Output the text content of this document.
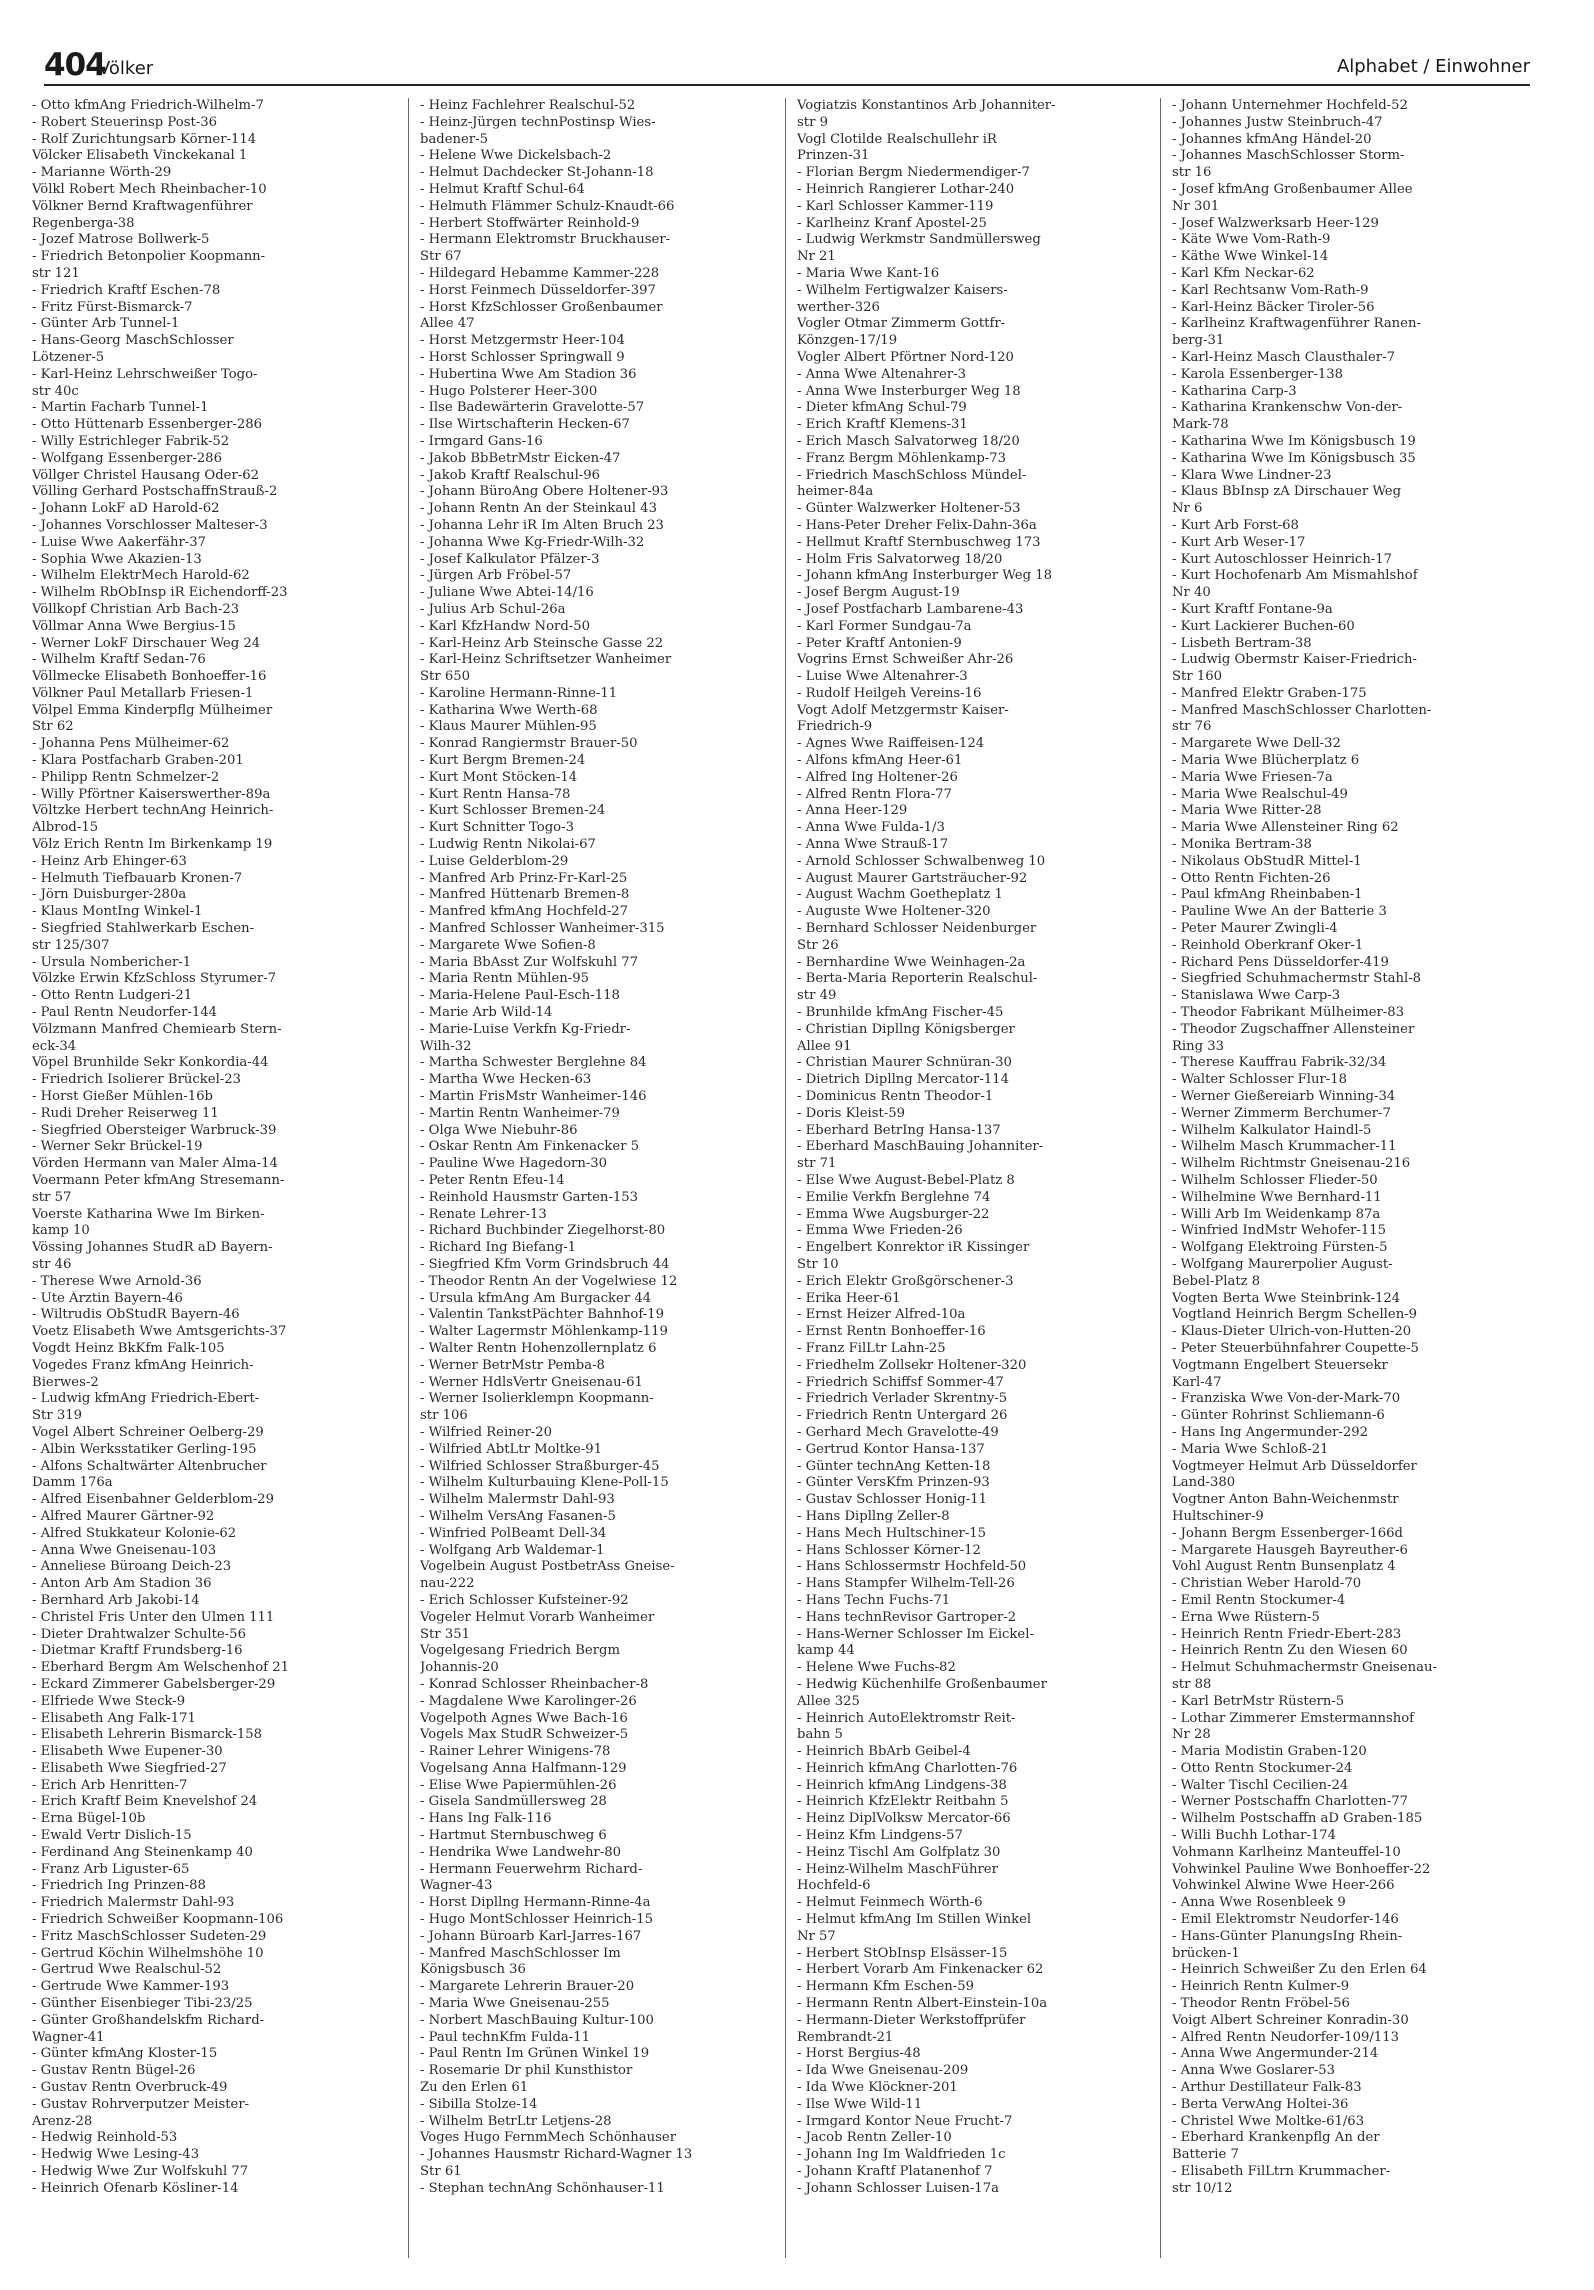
404
Völker	Alphabet / Einwohner
- Otto kfmAng Friedrich-Wilhelm-7
- Robert Steuerinsp Post-36
- Rolf Zurichtungsarb Körner-114
Völcker Elisabeth Vinckekanal 1
- Marianne Wörth-29
Völkl Robert Mech Rheinbacher-10
Völkner Bernd Kraftwagenführer
Regenberga-38
- Jozef Matrose Bollwerk-5
- Friedrich Betonpolier Koopmann-
str 121
- Friedrich Kraftf Eschen-78
- Fritz Fürst-Bismarck-7
- Günter Arb Tunnel-1
- Hans-Georg MaschSchlosser
Lötzener-5
- Karl-Heinz Lehrschweißer Togo-
str 40c
- Martin Facharb Tunnel-1
- Otto Hüttenarb Essenberger-286
- Willy Estrichleger Fabrik-52
- Wolfgang Essenberger-286
Völlger Christel Hausang Oder-62
Völling Gerhard PostschaffnStrauß-2
- Johann LokF aD Harold-62
- Johannes Vorschlosser Malteser-3
- Luise Wwe Aakerfähr-37
- Sophia Wwe Akazien-13
- Wilhelm ElektrMech Harold-62
- Wilhelm RbObInsp iR Eichendorff-23
Völlkopf Christian Arb Bach-23
Völlmar Anna Wwe Bergius-15
- Werner LokF Dirschauer Weg 24
- Wilhelm Kraftf Sedan-76
Völlmecke Elisabeth Bonhoeffer-16
Völkner Paul Metallarb Friesen-1
Völpel Emma Kinderpflg Mülheimer
Str 62
- Johanna Pens Mülheimer-62
- Klara Postfacharb Graben-201
- Philipp Rentn Schmelzer-2
- Willy Pförtner Kaiserswerther-89a
Völtzke Herbert technAng Heinrich-
Albrod-15
Völz Erich Rentn Im Birkenkamp 19
- Heinz Arb Ehinger-63
- Helmuth Tiefbauarb Kronen-7
- Jörn Duisburger-280a
- Klaus MontIng Winkel-1
- Siegfried Stahlwerkarb Eschen-
str 125/307
- Ursula Nombericher-1
Völzke Erwin KfzSchloss Styrumer-7
- Otto Rentn Ludgeri-21
- Paul Rentn Neudorfer-144
Völzmann Manfred Chemiearb Stern-
eck-34
Vöpel Brunhilde Sekr Konkordia-44
- Friedrich Isolierer Brückel-23
- Horst Gießer Mühlen-16b
- Rudi Dreher Reiserweg 11
- Siegfried Obersteiger Warbruck-39
- Werner Sekr Brückel-19
Vörden Hermann van Maler Alma-14
Voermann Peter kfmAng Stresemann-
str 57
Voerste Katharina Wwe Im Birken-
kamp 10
Vössing Johannes StudR aD Bayern-
str 46
- Therese Wwe Arnold-36
- Ute Ärztin Bayern-46
- Wiltrudis ObStudR Bayern-46
Voetz Elisabeth Wwe Amtsgerichts-37
Vogdt Heinz BkKfm Falk-105
Vogedes Franz kfmAng Heinrich-
Bierwes-2
- Ludwig kfmAng Friedrich-Ebert-
Str 319
Vogel Albert Schreiner Oelberg-29
- Albin Werksstatiker Gerling-195
- Alfons Schaltwärter Altenbrucher
Damm 176a
- Alfred Eisenbahner Gelderblom-29
- Alfred Maurer Gärtner-92
- Alfred Stukkateur Kolonie-62
- Anna Wwe Gneisenau-103
- Anneliese Büroang Deich-23
- Anton Arb Am Stadion 36
- Bernhard Arb Jakobi-14
- Christel Fris Unter den Ulmen 111
- Dieter Drahtwalzer Schulte-56
- Dietmar Kraftf Frundsberg-16
- Eberhard Bergm Am Welschenhof 21
- Eckard Zimmerer Gabelsberger-29
- Elfriede Wwe Steck-9
- Elisabeth Ang Falk-171
- Elisabeth Lehrerin Bismarck-158
- Elisabeth Wwe Eupener-30
- Elisabeth Wwe Siegfried-27
- Erich Arb Henritten-7
- Erich Kraftf Beim Knevelshof 24
- Erna Bügel-10b
- Ewald Vertr Dislich-15
- Ferdinand Ang Steinenkamp 40
- Franz Arb Liguster-65
- Friedrich Ing Prinzen-88
- Friedrich Malermstr Dahl-93
- Friedrich Schweißer Koopmann-106
- Fritz MaschSchlosser Sudeten-29
- Gertrud Köchin Wilhelmshöhe 10
- Gertrud Wwe Realschul-52
- Gertrude Wwe Kammer-193
- Günther Eisenbieger Tibi-23/25
- Günter Großhandelskfm Richard-
Wagner-41
- Günter kfmAng Kloster-15
- Gustav Rentn Bügel-26
- Gustav Rentn Overbruck-49
- Gustav Rohrverputzer Meister-
Arenz-28
- Hedwig Reinhold-53
- Hedwig Wwe Lesing-43
- Hedwig Wwe Zur Wolfskuhl 77
- Heinrich Ofenarb Kösliner-14
- Heinz Fachlehrer Realschul-52
- Heinz-Jürgen technPostinsp Wies-
badener-5
- Helene Wwe Dickelsbach-2
- Helmut Dachdecker St-Johann-18
- Helmut Kraftf Schul-64
- Helmuth Flämmer Schulz-Knaudt-66
- Herbert Stoffwärter Reinhold-9
- Hermann Elektromstr Bruckhauser-
Str 67
- Hildegard Hebamme Kammer-228
- Horst Feinmech Düsseldorfer-397
- Horst KfzSchlosser Großenbaumer
Allee 47
- Horst Metzgermstr Heer-104
- Horst Schlosser Springwall 9
- Hubertina Wwe Am Stadion 36
- Hugo Polsterer Heer-300
- Ilse Badewärterin Gravelotte-57
- Ilse Wirtschafterin Hecken-67
- Irmgard Gans-16
- Jakob BbBetrMstr Eicken-47
- Jakob Kraftf Realschul-96
- Johann BüroAng Obere Holtener-93
- Johann Rentn An der Steinkaul 43
- Johanna Lehr iR Im Alten Bruch 23
- Johanna Wwe Kg-Friedr-Wilh-32
- Josef Kalkulator Pfälzer-3
- Jürgen Arb Fröbel-57
- Juliane Wwe Abtei-14/16
- Julius Arb Schul-26a
- Karl KfzHandw Nord-50
- Karl-Heinz Arb Steinsche Gasse 22
- Karl-Heinz Schriftsetzer Wanheimer
Str 650
- Karoline Hermann-Rinne-11
- Katharina Wwe Werth-68
- Klaus Maurer Mühlen-95
- Konrad Rangiermstr Brauer-50
- Kurt Bergm Bremen-24
- Kurt Mont Stöcken-14
- Kurt Rentn Hansa-78
- Kurt Schlosser Bremen-24
- Kurt Schnitter Togo-3
- Ludwig Rentn Nikolai-67
- Luise Gelderblom-29
- Manfred Arb Prinz-Fr-Karl-25
- Manfred Hüttenarb Bremen-8
- Manfred kfmAng Hochfeld-27
- Manfred Schlosser Wanheimer-315
- Margarete Wwe Sofien-8
- Maria BbAsst Zur Wolfskuhl 77
- Maria Rentn Mühlen-95
- Maria-Helene Paul-Esch-118
- Marie Arb Wild-14
- Marie-Luise Verkfn Kg-Friedr-
Wilh-32
- Martha Schwester Berglehne 84
- Martha Wwe Hecken-63
- Martin FrisMstr Wanheimer-146
- Martin Rentn Wanheimer-79
- Olga Wwe Niebuhr-86
- Oskar Rentn Am Finkenacker 5
- Pauline Wwe Hagedorn-30
- Peter Rentn Efeu-14
- Reinhold Hausmstr Garten-153
- Renate Lehrer-13
- Richard Buchbinder Ziegelhorst-80
- Richard Ing Biefang-1
- Siegfried Kfm Vorm Grindsbruch 44
- Theodor Rentn An der Vogelwiese 12
- Ursula kfmAng Am Burgacker 44
- Valentin TankstPächter Bahnhof-19
- Walter Lagermstr Möhlenkamp-119
- Walter Rentn Hohenzollernplatz 6
- Werner BetrMstr Pemba-8
- Werner HdlsVertr Gneisenau-61
- Werner Isolierklempn Koopmann-
str 106
- Wilfried Reiner-20
- Wilfried AbtLtr Moltke-91
- Wilfried Schlosser Straßburger-45
- Wilhelm Kulturbauing Klene-Poll-15
- Wilhelm Malermstr Dahl-93
- Wilhelm VersAng Fasanen-5
- Winfried PolBeamt Dell-34
- Wolfgang Arb Waldemar-1
Vogelbein August PostbetrAss Gneise-
nau-222
- Erich Schlosser Kufsteiner-92
Vogeler Helmut Vorarb Wanheimer
Str 351
Vogelgesang Friedrich Bergm
Johannis-20
- Konrad Schlosser Rheinbacher-8
- Magdalene Wwe Karolinger-26
Vogelpoth Agnes Wwe Bach-16
Vogels Max StudR Schweizer-5
- Rainer Lehrer Winigens-78
Vogelsang Anna Halfmann-129
- Elise Wwe Papiermühlen-26
- Gisela Sandmüllersweg 28
- Hans Ing Falk-116
- Hartmut Sternbuschweg 6
- Hendrika Wwe Landwehr-80
- Hermann Feuerwehrm Richard-
Wagner-43
- Horst Dipllng Hermann-Rinne-4a
- Hugo MontSchlosser Heinrich-15
- Johann Büroarb Karl-Jarres-167
- Manfred MaschSchlosser Im
Königsbusch 36
- Margarete Lehrerin Brauer-20
- Maria Wwe Gneisenau-255
- Norbert MaschBauing Kultur-100
- Paul technKfm Fulda-11
- Paul Rentn Im Grünen Winkel 19
- Rosemarie Dr phil Kunsthistor
Zu den Erlen 61
- Sibilla Stolze-14
- Wilhelm BetrLtr Letjens-28
Voges Hugo FernmMech Schönhauser
- Johannes Hausmstr Richard-Wagner 13
Str 61
- Stephan technAng Schönhauser-11
Vogiatzis Konstantinos Arb Johanniter-
str 9
Vogl Clotilde Realschullehr iR
Prinzen-31
- Florian Bergm Niedermendiger-7
- Heinrich Rangierer Lothar-240
- Karl Schlosser Kammer-119
- Karlheinz Kranf Apostel-25
- Ludwig Werkmstr Sandmüllersweg
Nr 21
- Maria Wwe Kant-16
- Wilhelm Fertigwalzer Kaisers-
werther-326
Vogler Otmar Zimmerm Gottfr-
Könzgen-17/19
Vogler Albert Pförtner Nord-120
- Anna Wwe Altenahrer-3
- Anna Wwe Insterburger Weg 18
- Dieter kfmAng Schul-79
- Erich Kraftf Klemens-31
- Erich Masch Salvatorweg 18/20
- Franz Bergm Möhlenkamp-73
- Friedrich MaschSchloss Mündel-
heimer-84a
- Günter Walzwerker Holtener-53
- Hans-Peter Dreher Felix-Dahn-36a
- Hellmut Kraftf Sternbuschweg 173
- Holm Fris Salvatorweg 18/20
- Johann kfmAng Insterburger Weg 18
- Josef Bergm August-19
- Josef Postfacharb Lambarene-43
- Karl Former Sundgau-7a
- Peter Kraftf Antonien-9
Vogrins Ernst Schweißer Ahr-26
- Luise Wwe Altenahrer-3
- Rudolf Heilgeh Vereins-16
Vogt Adolf Metzgermstr Kaiser-
Friedrich-9
- Agnes Wwe Raiffeisen-124
- Alfons kfmAng Heer-61
- Alfred Ing Holtener-26
- Alfred Rentn Flora-77
- Anna Heer-129
- Anna Wwe Fulda-1/3
- Anna Wwe Strauß-17
- Arnold Schlosser Schwalbenweg 10
- August Maurer Gartsträucher-92
- August Wachm Goetheplatz 1
- Auguste Wwe Holtener-320
- Bernhard Schlosser Neidenburger
Str 26
- Bernhardine Wwe Weinhagen-2a
- Berta-Maria Reporterin Realschul-
str 49
- Brunhilde kfmAng Fischer-45
- Christian Dipllng Königsberger
Allee 91
- Christian Maurer Schnüran-30
- Dietrich Dipllng Mercator-114
- Dominicus Rentn Theodor-1
- Doris Kleist-59
- Eberhard BetrIng Hansa-137
- Eberhard MaschBauing Johanniter-
str 71
- Else Wwe August-Bebel-Platz 8
- Emilie Verkfn Berglehne 74
- Emma Wwe Augsburger-22
- Emma Wwe Frieden-26
- Engelbert Konrektor iR Kissinger
Str 10
- Erich Elektr Großgörschener-3
- Erika Heer-61
- Ernst Heizer Alfred-10a
- Ernst Rentn Bonhoeffer-16
- Franz FilLtr Lahn-25
- Friedhelm Zollsekr Holtener-320
- Friedrich Schiffsf Sommer-47
- Friedrich Verlader Skrentny-5
- Friedrich Rentn Untergard 26
- Gerhard Mech Gravelotte-49
- Gertrud Kontor Hansa-137
- Günter technAng Ketten-18
- Günter VersKfm Prinzen-93
- Gustav Schlosser Honig-11
- Hans Dipllng Zeller-8
- Hans Mech Hultschiner-15
- Hans Schlosser Körner-12
- Hans Schlossermstr Hochfeld-50
- Hans Stampfer Wilhelm-Tell-26
- Hans Techn Fuchs-71
- Hans technRevisor Gartroper-2
- Hans-Werner Schlosser Im Eickel-
kamp 44
- Helene Wwe Fuchs-82
- Hedwig Küchenhilfe Großenbaumer
Allee 325
- Heinrich AutoElektromstr Reit-
bahn 5
- Heinrich BbArb Geibel-4
- Heinrich kfmAng Charlotten-76
- Heinrich kfmAng Lindgens-38
- Heinrich KfzElektr Reitbahn 5
- Heinz DiplVolksw Mercator-66
- Heinz Kfm Lindgens-57
- Heinz Tischl Am Golfplatz 30
- Heinz-Wilhelm MaschFührer
Hochfeld-6
- Helmut Feinmech Wörth-6
- Helmut kfmAng Im Stillen Winkel
Nr 57
- Herbert StObInsp Elsässer-15
- Herbert Vorarb Am Finkenacker 62
- Hermann Kfm Eschen-59
- Hermann Rentn Albert-Einstein-10a
- Hermann-Dieter Werkstoffprüfer
Rembrandt-21
- Horst Bergius-48
- Ida Wwe Gneisenau-209
- Ida Wwe Klöckner-201
- Ilse Wwe Wild-11
- Irmgard Kontor Neue Frucht-7
- Jacob Rentn Zeller-10
- Johann Ing Im Waldfrieden 1c
- Johann Kraftf Platanenhof 7
- Johann Schlosser Luisen-17a
- Johann Unternehmer Hochfeld-52
- Johannes Justw Steinbruch-47
- Johannes kfmAng Händel-20
- Johannes MaschSchlosser Storm-
str 16
- Josef kfmAng Großenbaumer Allee
Nr 301
- Josef Walzwerksarb Heer-129
- Käte Wwe Vom-Rath-9
- Käthe Wwe Winkel-14
- Karl Kfm Neckar-62
- Karl Rechtsanw Vom-Rath-9
- Karl-Heinz Bäcker Tiroler-56
- Karlheinz Kraftwagenführer Ranen-
berg-31
- Karl-Heinz Masch Clausthaler-7
- Karola Essenberger-138
- Katharina Carp-3
- Katharina Krankenschw Von-der-
Mark-78
- Katharina Wwe Im Königsbusch 19
- Katharina Wwe Im Königsbusch 35
- Klara Wwe Lindner-23
- Klaus BbInsp zA Dirschauer Weg
Nr 6
- Kurt Arb Forst-68
- Kurt Arb Weser-17
- Kurt Autoschlosser Heinrich-17
- Kurt Hochofenarb Am Mismahlshof
Nr 40
- Kurt Kraftf Fontane-9a
- Kurt Lackierer Buchen-60
- Lisbeth Bertram-38
- Ludwig Obermstr Kaiser-Friedrich-
Str 160
- Manfred Elektr Graben-175
- Manfred MaschSchlosser Charlotten-
str 76
- Margarete Wwe Dell-32
- Maria Wwe Blücherplatz 6
- Maria Wwe Friesen-7a
- Maria Wwe Realschul-49
- Maria Wwe Ritter-28
- Maria Wwe Allensteiner Ring 62
- Monika Bertram-38
- Nikolaus ObStudR Mittel-1
- Otto Rentn Fichten-26
- Paul kfmAng Rheinbaben-1
- Pauline Wwe An der Batterie 3
- Peter Maurer Zwingli-4
- Reinhold Oberkranf Oker-1
- Richard Pens Düsseldorfer-419
- Siegfried Schuhmachermstr Stahl-8
- Stanislawa Wwe Carp-3
- Theodor Fabrikant Mülheimer-83
- Theodor Zugschaffner Allensteiner
Ring 33
- Therese Kauffrau Fabrik-32/34
- Walter Schlosser Flur-18
- Werner Gießereiarb Winning-34
- Werner Zimmerm Berchumer-7
- Wilhelm Kalkulator Haindl-5
- Wilhelm Masch Krummacher-11
- Wilhelm Richtmstr Gneisenau-216
- Wilhelm Schlosser Flieder-50
- Wilhelmine Wwe Bernhard-11
- Willi Arb Im Weidenkamp 87a
- Winfried IndMstr Wehofer-115
- Wolfgang Elektroing Fürsten-5
- Wolfgang Maurerpolier August-
Bebel-Platz 8
Vogten Berta Wwe Steinbrink-124
Vogtland Heinrich Bergm Schellen-9
- Klaus-Dieter Ulrich-von-Hutten-20
- Peter Steuerbühnfahrer Coupette-5
Vogtmann Engelbert Steuersekr
Karl-47
- Franziska Wwe Von-der-Mark-70
- Günter Rohrinst Schliemann-6
- Hans Ing Angermunder-292
- Maria Wwe Schloß-21
Vogtmeyer Helmut Arb Düsseldorfer
Land-380
Vogtner Anton Bahn-Weichenmstr
Hultschiner-9
- Johann Bergm Essenberger-166d
- Margarete Hausgeh Bayreuther-6
Vohl August Rentn Bunsenplatz 4
- Christian Weber Harold-70
- Emil Rentn Stockumer-4
- Erna Wwe Rüstern-5
- Heinrich Rentn Friedr-Ebert-283
- Heinrich Rentn Zu den Wiesen 60
- Helmut Schuhmachermstr Gneisenau-
str 88
- Karl BetrMstr Rüstern-5
- Lothar Zimmerer Emstermannshof
Nr 28
- Maria Modistin Graben-120
- Otto Rentn Stockumer-24
- Walter Tischl Cecilien-24
- Werner Postschaffn Charlotten-77
- Wilhelm Postschaffn aD Graben-185
- Willi Buchh Lothar-174
Vohmann Karlheinz Manteuffel-10
Vohwinkel Pauline Wwe Bonhoeffer-22
Vohwinkel Alwine Wwe Heer-266
- Anna Wwe Rosenbleek 9
- Emil Elektromstr Neudorfer-146
- Hans-Günter PlanungsIng Rhein-
brücken-1
- Heinrich Schweißer Zu den Erlen 64
- Heinrich Rentn Kulmer-9
- Theodor Rentn Fröbel-56
Voigt Albert Schreiner Konradin-30
- Alfred Rentn Neudorfer-109/113
- Anna Wwe Angermunder-214
- Anna Wwe Goslarer-53
- Arthur Destillateur Falk-83
- Berta VerwAng Holtei-36
- Christel Wwe Moltke-61/63
- Eberhard Krankenpflg An der
Batterie 7
- Elisabeth FilLtrn Krummacher-
str 10/12
